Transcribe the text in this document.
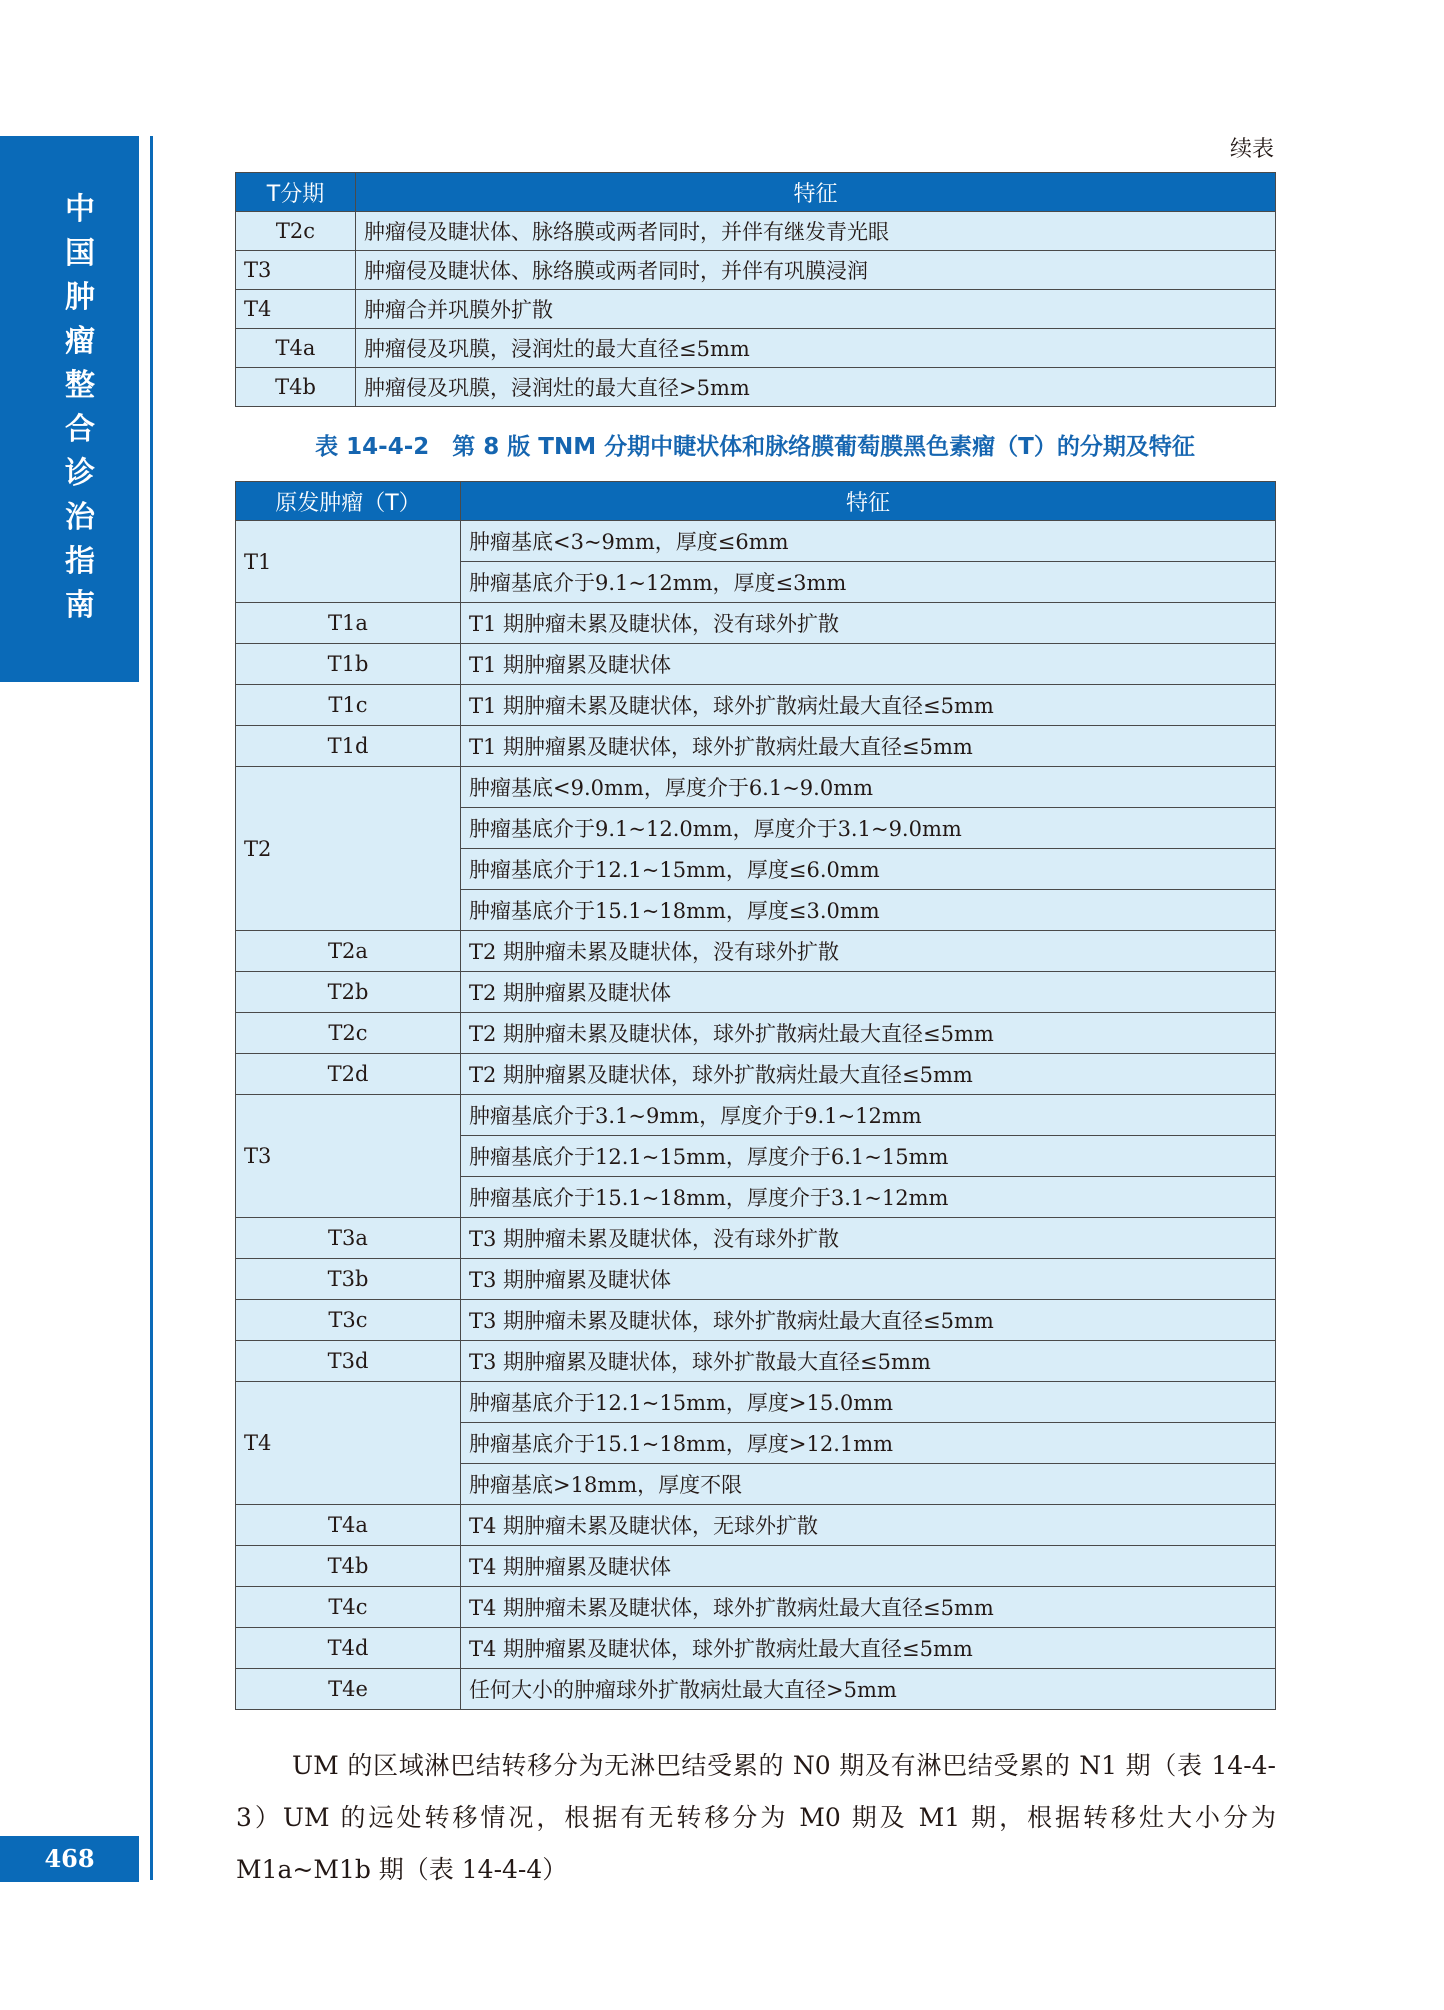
中
国
肿
瘤
整
合
诊
治
指
南
468
续表
T分期	特征
T2c	肿瘤侵及睫状体、脉络膜或两者同时，并伴有继发青光眼
T3	肿瘤侵及睫状体、脉络膜或两者同时，并伴有巩膜浸润
T4	肿瘤合并巩膜外扩散
T4a	肿瘤侵及巩膜，浸润灶的最大直径≤5mm
T4b	肿瘤侵及巩膜，浸润灶的最大直径>5mm
表 14-4-2　第 8 版 TNM 分期中睫状体和脉络膜葡萄膜黑色素瘤（T）的分期及特征
原发肿瘤（T）	特征
T1	肿瘤基底<3~9mm，厚度≤6mm
	肿瘤基底介于9.1~12mm，厚度≤3mm
T1a	T1 期肿瘤未累及睫状体，没有球外扩散
T1b	T1 期肿瘤累及睫状体
T1c	T1 期肿瘤未累及睫状体，球外扩散病灶最大直径≤5mm
T1d	T1 期肿瘤累及睫状体，球外扩散病灶最大直径≤5mm
T2	肿瘤基底<9.0mm，厚度介于6.1~9.0mm
	肿瘤基底介于9.1~12.0mm，厚度介于3.1~9.0mm
	肿瘤基底介于12.1~15mm，厚度≤6.0mm
	肿瘤基底介于15.1~18mm，厚度≤3.0mm
T2a	T2 期肿瘤未累及睫状体，没有球外扩散
T2b	T2 期肿瘤累及睫状体
T2c	T2 期肿瘤未累及睫状体，球外扩散病灶最大直径≤5mm
T2d	T2 期肿瘤累及睫状体，球外扩散病灶最大直径≤5mm
T3	肿瘤基底介于3.1~9mm，厚度介于9.1~12mm
	肿瘤基底介于12.1~15mm，厚度介于6.1~15mm
	肿瘤基底介于15.1~18mm，厚度介于3.1~12mm
T3a	T3 期肿瘤未累及睫状体，没有球外扩散
T3b	T3 期肿瘤累及睫状体
T3c	T3 期肿瘤未累及睫状体，球外扩散病灶最大直径≤5mm
T3d	T3 期肿瘤累及睫状体，球外扩散最大直径≤5mm
T4	肿瘤基底介于12.1~15mm，厚度>15.0mm
	肿瘤基底介于15.1~18mm，厚度>12.1mm
	肿瘤基底>18mm，厚度不限
T4a	T4 期肿瘤未累及睫状体，无球外扩散
T4b	T4 期肿瘤累及睫状体
T4c	T4 期肿瘤未累及睫状体，球外扩散病灶最大直径≤5mm
T4d	T4 期肿瘤累及睫状体，球外扩散病灶最大直径≤5mm
T4e	任何大小的肿瘤球外扩散病灶最大直径>5mm

UM 的区域淋巴结转移分为无淋巴结受累的 N0 期及有淋巴结受累的 N1 期（表 14-4-3）UM 的远处转移情况，根据有无转移分为 M0 期及 M1 期，根据转移灶大小分为 M1a~M1b 期（表 14-4-4）
